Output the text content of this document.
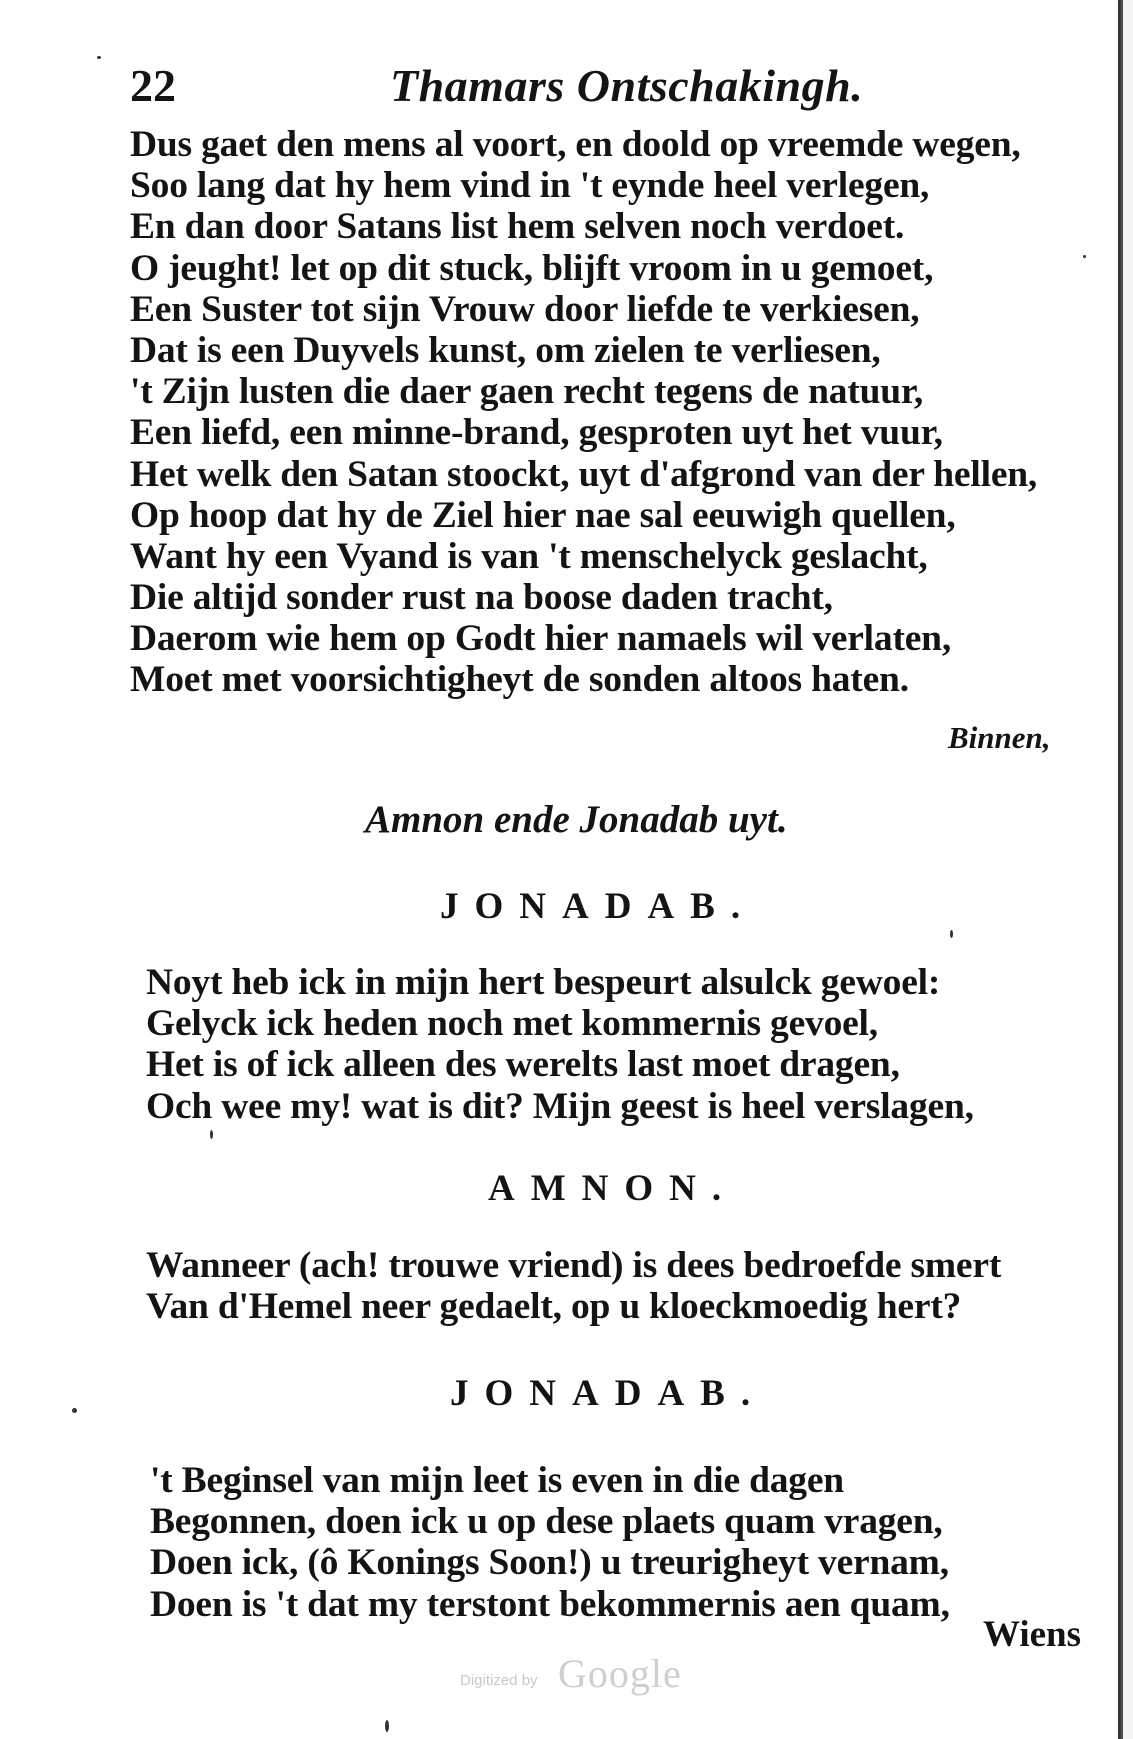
22	Thamars Ontschakingh.
Dus gaet den mens al voort, en doold op vreemde wegen,
Soo lang dat hy hem vind in 't eynde heel verlegen,
En dan door Satans list hem selven noch verdoet.
O jeught! let op dit stuck, blijft vroom in u gemoet,
Een Suster tot sijn Vrouw door liefde te verkiesen,
Dat is een Duyvels kunst, om zielen te verliesen,
't Zijn lusten die daer gaen recht tegens de natuur,
Een liefd, een minne-brand, gesproten uyt het vuur,
Het welk den Satan stoockt, uyt d'afgrond van der hellen,
Op hoop dat hy de Ziel hier nae sal eeuwigh quellen,
Want hy een Vyand is van 't menschelyck geslacht,
Die altijd sonder rust na boose daden tracht,
Daerom wie hem op Godt hier namaels wil verlaten,
Moet met voorsichtigheyt de sonden altoos haten.
Binnen,
Amnon ende Jonadab uyt.
JONADAB.
Noyt heb ick in mijn hert bespeurt alsulck gewoel:
Gelyck ick heden noch met kommernis gevoel,
Het is of ick alleen des werelts last moet dragen,
Och wee my! wat is dit? Mijn geest is heel verslagen,
AMNON.
Wanneer (ach! trouwe vriend) is dees bedroefde smert
Van d'Hemel neer gedaelt, op u kloeckmoedig hert?
JONADAB.
't Beginsel van mijn leet is even in die dagen
Begonnen, doen ick u op dese plaets quam vragen,
Doen ick, (ô Konings Soon!) u treurigheyt vernam,
Doen is 't dat my terstont bekommernis aen quam,
Wiens
Digitized by Google
